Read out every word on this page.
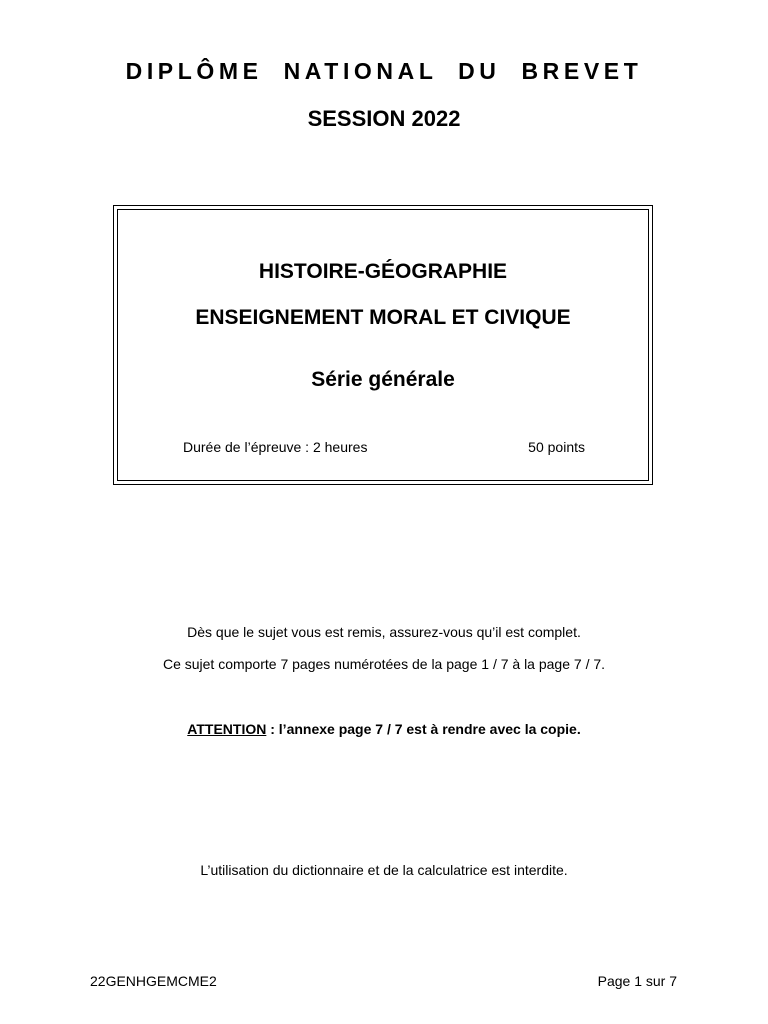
DIPLÔME NATIONAL DU BREVET
SESSION 2022
HISTOIRE-GÉOGRAPHIE
ENSEIGNEMENT MORAL ET CIVIQUE
Série générale
Durée de l’épreuve : 2 heures	50 points
Dès que le sujet vous est remis, assurez-vous qu’il est complet.
Ce sujet comporte 7 pages numérotées de la page 1 / 7 à la page 7 / 7.
ATTENTION : l’annexe page 7 / 7 est à rendre avec la copie.
L’utilisation du dictionnaire et de la calculatrice est interdite.
22GENHGEMCME2	Page 1 sur 7
